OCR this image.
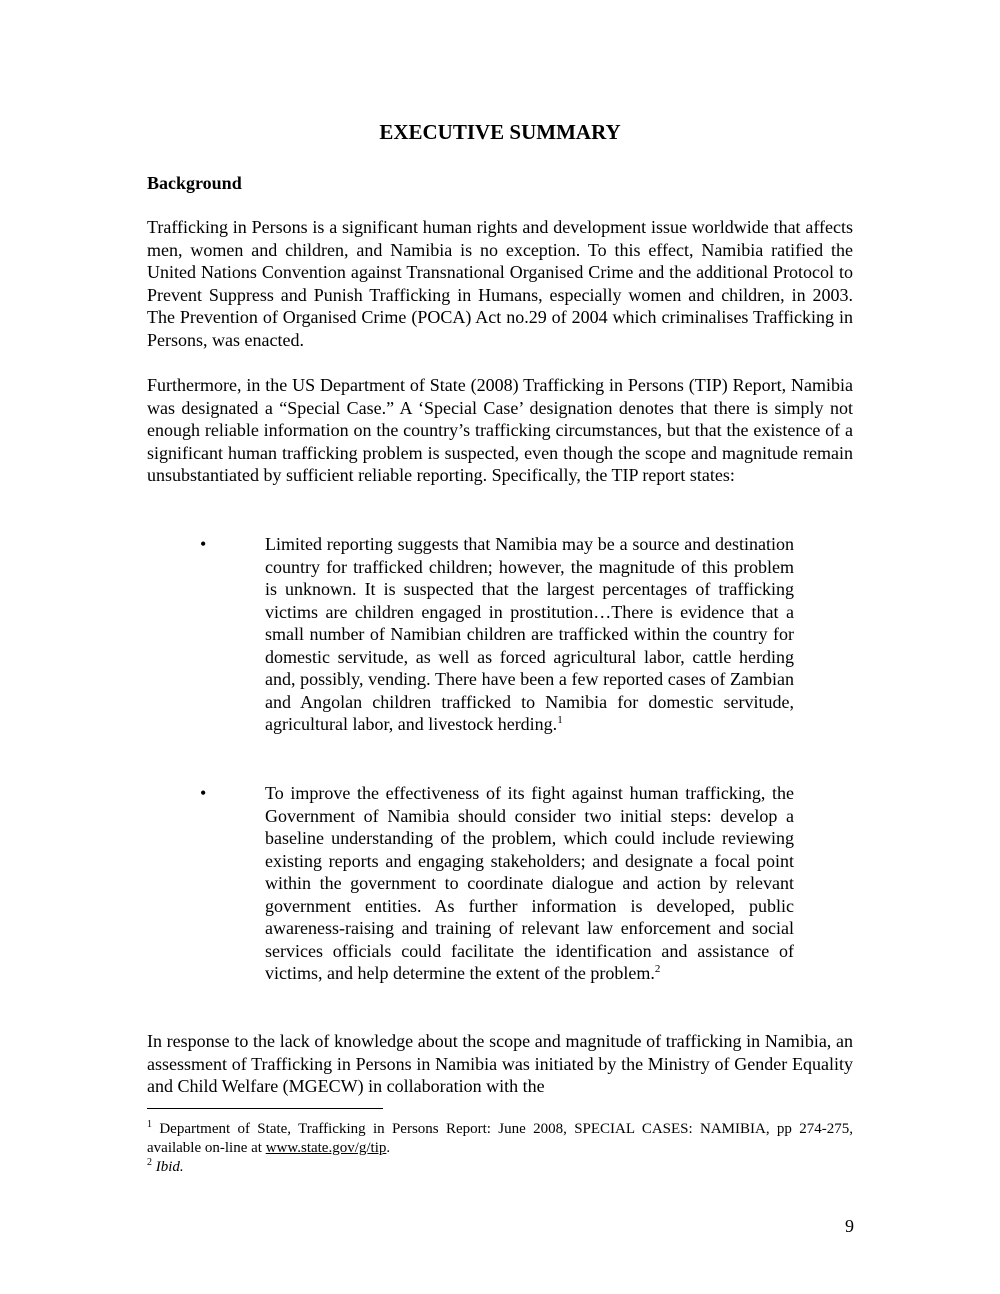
EXECUTIVE SUMMARY
Background

Trafficking in Persons is a significant human rights and development issue worldwide that affects men, women and children, and Namibia is no exception. To this effect, Namibia ratified the United Nations Convention against Transnational Organised Crime and the additional Protocol to Prevent Suppress and Punish Trafficking in Humans, especially women and children, in 2003. The Prevention of Organised Crime (POCA) Act no.29 of 2004 which criminalises Trafficking in Persons, was enacted.

Furthermore, in the US Department of State (2008) Trafficking in Persons (TIP) Report, Namibia was designated a “Special Case.” A ‘Special Case’ designation denotes that there is simply not enough reliable information on the country’s trafficking circumstances, but that the existence of a significant human trafficking problem is suspected, even though the scope and magnitude remain unsubstantiated by sufficient reliable reporting. Specifically, the TIP report states:

•	Limited reporting suggests that Namibia may be a source and destination country for trafficked children; however, the magnitude of this problem is unknown. It is suspected that the largest percentages of trafficking victims are children engaged in prostitution…There is evidence that a small number of Namibian children are trafficked within the country for domestic servitude, as well as forced agricultural labor, cattle herding and, possibly, vending. There have been a few reported cases of Zambian and Angolan children trafficked to Namibia for domestic servitude, agricultural labor, and livestock herding.$^1$

•	To improve the effectiveness of its fight against human trafficking, the Government of Namibia should consider two initial steps: develop a baseline understanding of the problem, which could include reviewing existing reports and engaging stakeholders; and designate a focal point within the government to coordinate dialogue and action by relevant government entities. As further information is developed, public awareness-raising and training of relevant law enforcement and social services officials could facilitate the identification and assistance of victims, and help determine the extent of the problem.$^2$

In response to the lack of knowledge about the scope and magnitude of trafficking in Namibia, an assessment of Trafficking in Persons in Namibia was initiated by the Ministry of Gender Equality and Child Welfare (MGECW) in collaboration with the

$^1$ Department of State, Trafficking in Persons Report: June 2008, SPECIAL CASES: NAMIBIA, pp 274-275, available on-line at www.state.gov/g/tip.

$^2$ Ibid.

9
